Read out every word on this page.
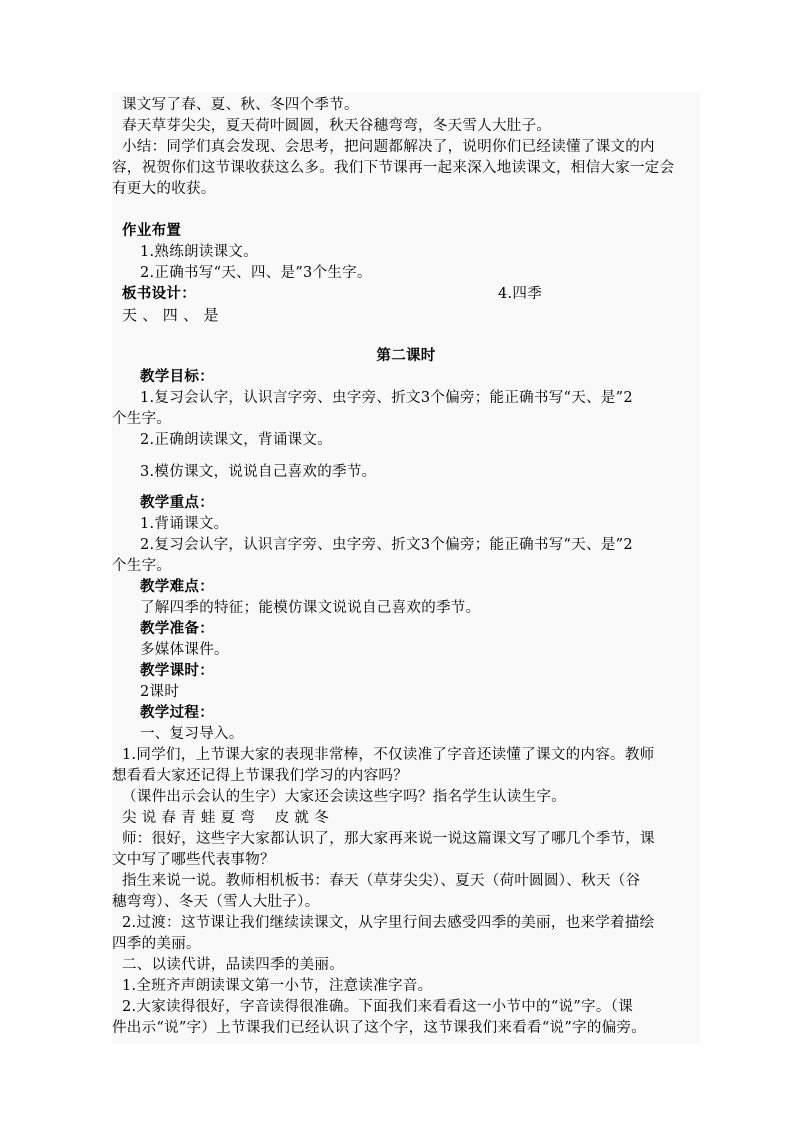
课文写了春、夏、秋、冬四个季节。
春天草芽尖尖，夏天荷叶圆圆，秋天谷穗弯弯，冬天雪人大肚子。
小结：同学们真会发现、会思考，把问题都解决了，说明你们已经读懂了课文的内
容，祝贺你们这节课收获这么多。我们下节课再一起来深入地读课文，相信大家一定会
有更大的收获。
作业布置
1.熟练朗读课文。
2.正确书写“天、四、是”3个生字。
板书设计：	4.四季
天 、 四 、 是
第二课时
教学目标：
1.复习会认字，认识言字旁、虫字旁、折文3个偏旁；能正确书写“天、是”2
个生字。
2.正确朗读课文，背诵课文。
3.模仿课文，说说自己喜欢的季节。
教学重点：
1.背诵课文。
2.复习会认字，认识言字旁、虫字旁、折文3个偏旁；能正确书写“天、是”2
个生字。
教学难点：
了解四季的特征；能模仿课文说说自己喜欢的季节。
教学准备：
多媒体课件。
教学课时：
2课时
教学过程：
一、复习导入。
1.同学们，上节课大家的表现非常棒，不仅读准了字音还读懂了课文的内容。教师
想看看大家还记得上节课我们学习的内容吗？
（课件出示会认的生字）大家还会读这些字吗？指名学生认读生字。
尖 说 春 青 蛙 夏 弯    皮 就 冬
师：很好，这些字大家都认识了，那大家再来说一说这篇课文写了哪几个季节，课
文中写了哪些代表事物？
指生来说一说。教师相机板书：春天（草芽尖尖）、夏天（荷叶圆圆）、秋天（谷
穗弯弯）、冬天（雪人大肚子）。
2.过渡：这节课让我们继续读课文，从字里行间去感受四季的美丽，也来学着描绘
四季的美丽。
二、以读代讲，品读四季的美丽。
1.全班齐声朗读课文第一小节，注意读准字音。
2.大家读得很好，字音读得很准确。下面我们来看看这一小节中的“说”字。（课
件出示“说”字）上节课我们已经认识了这个字，这节课我们来看看“说”字的偏旁。
